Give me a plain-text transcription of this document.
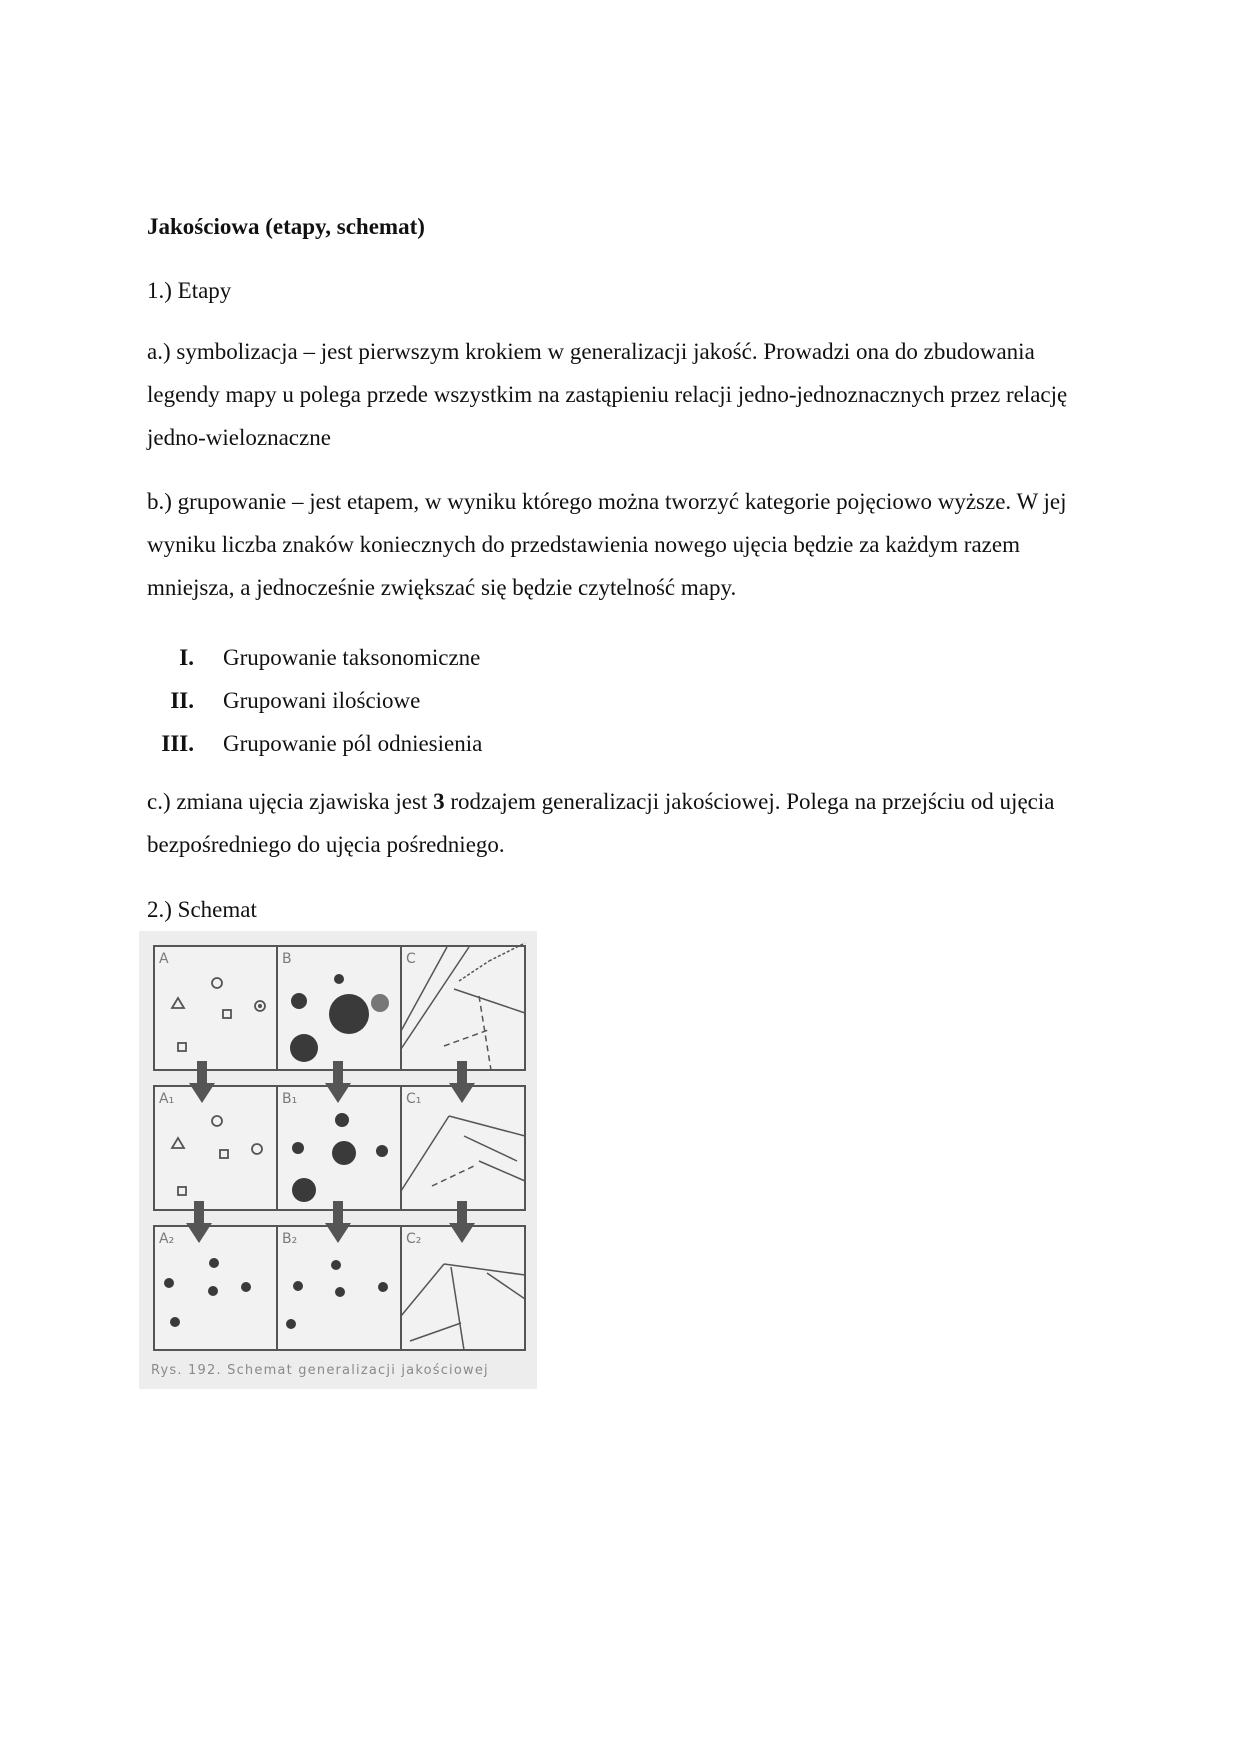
Jakościowa (etapy, schemat)

1.) Etapy

a.) symbolizacja – jest pierwszym krokiem w generalizacji jakość. Prowadzi ona do zbudowania legendy mapy u polega przede wszystkim na zastąpieniu relacji jedno-jednoznacznych przez relację jedno-wieloznaczne

b.) grupowanie – jest etapem, w wyniku którego można tworzyć kategorie pojęciowo wyższe. W jej wyniku liczba znaków koniecznych do przedstawienia nowego ujęcia będzie za każdym razem mniejsza, a jednocześnie zwiększać się będzie czytelność mapy.

I. Grupowanie taksonomiczne
II. Grupowani ilościowe
III. Grupowanie pól odniesienia

c.) zmiana ujęcia zjawiska jest 3 rodzajem generalizacji jakościowej. Polega na przejściu od ujęcia bezpośredniego do ujęcia pośredniego.

2.) Schemat

A	B	C
A₁	B₁	C₁
A₂	B₂	C₂
Rys. 192. Schemat generalizacji jakościowej
